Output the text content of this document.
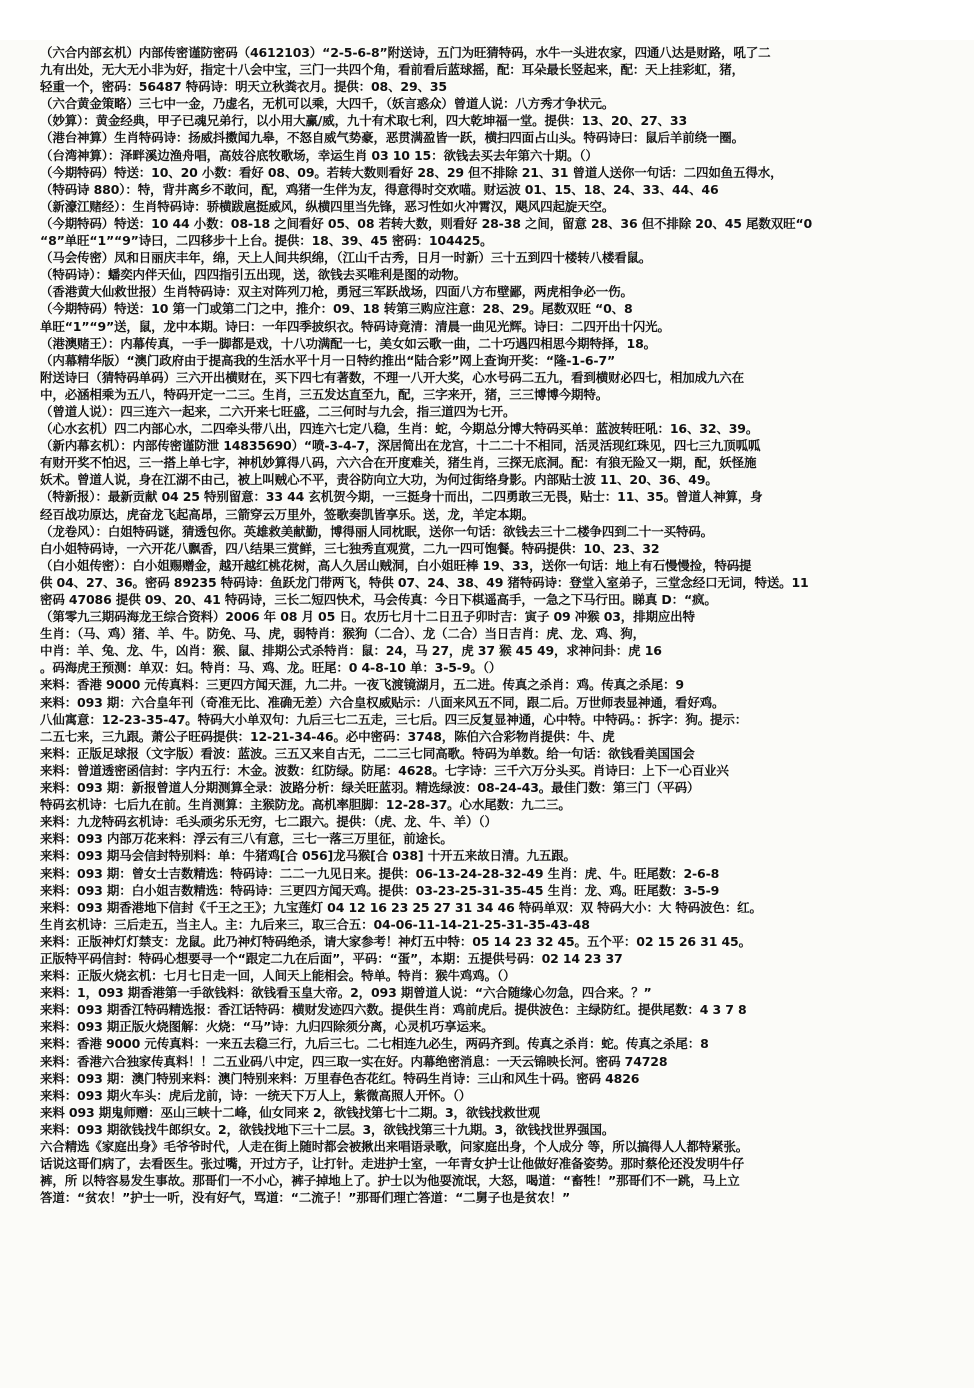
（六合内部玄机）内部传密谨防密码（4612103）“2-5-6-8”附送诗，五门为旺猜特码，水牛一头进农家，四通八达是财路，吼了二
九有出处，无大无小非为好，指定十八会中宝，三门一共四个角，看前看后蓝球摇，配：耳朵最长竖起来，配：天上挂彩虹，猪，
轻重一个，密码：56487 特码诗：明天立秋粪衣月。提供：08、29、35
（六合黄金策略）三七中一金，乃虚名，无机可以乘，大四千，（妖言惑众）曾道人说：八方秀才争状元。
（妙算）：黄金经典，甲子已魂兄弟行，以小用大赢/威，九十有术取七利，四大乾坤福一堂。提供：13、20、27、33
（港台神算）生肖特码诗：扬威抖擞闻九皋，不怒自威气势豪，恶贯满盈皆一跃，横扫四面占山头。特码诗曰：鼠后羊前绕一圈。
（台湾神算）：泽畔溪边渔舟唱，高妓谷底牧歌场，幸运生肖 03 10 15：欲钱去买去年第六十期。（）
（今期特码）特送：10、20 小数：看好 08、09。若转大数则看好 28、29 但不排除 21、31 曾道人送你一句话：二四如鱼五得水，
（特码诗 880）：特，背井离乡不敢问，配，鸡猪一生伴为友，得意得时交欢喵。财运波 01、15、18、24、33、44、46
（新濠江赌经）：生肖特码诗：骄横跋扈挺威风，纵横四里当先锋，恶习性如火冲霄汉，飓风四起旋天空。
（今期特码）特送：10 44 小数：08-18 之间看好 05、08 若转大数，则看好 28-38 之间，留意 28、36 但不排除 20、45 尾数双旺“0
“8”单旺“1”“9”诗曰，二四移步十上台。提供：18、39、45 密码：104425。
（马会传密）凤和日丽庆丰年，绵，天上人间共织绵，（江山千古秀，日月一时新）三十五到四十楼转八楼看鼠。
（特码诗）：蟠奕内伴天仙，四四指引五出现，送，欲钱去买唯利是图的动物。
（香港黄大仙救世报）生肖特码诗：双主对阵列刀枪，勇冠三军跃战场，四面八方布壁鄙，两虎相争必一伤。
（今期特码）特送：10 第一门或第二门之中，推介：09、18 转第三购应注意：28、29。尾数双旺 “0、8
单旺“1”“9”送，鼠，龙中本期。诗曰：一年四季披织衣。特码诗竟清：清晨一曲见光辉。诗曰：二四开出十闪光。
（港澳赌王）：内幕传真，一手一脚都是戏，十八功满配一七，美女如云歌一曲，二十巧遇四相思今期特择，18。
（内幕精华版）“澳门政府由于提高我的生活水平十月一日特约推出“陆合彩”网上查询开奖：“隆-1-6-7”
附送诗曰（猜特码单码）三六开出横财在，买下四七有著数，不理一八开大奖，心水号码二五九，看到横财必四七，相加成九六在
中，必涵相乘为五八，特码开定一二三。生肖，三五发达直至九，配，三字来开，猪，三三博博今期特。
（曾道人说）：四三连六一起来，二六开来七旺盛，二三何时与九会，指三道四为七开。
（心水玄机）四二内部心水，二四牵头带八出，四连六七定八稳，生肖：蛇，今期总分博大特码买单：蓝波转旺吼：16、32、39。
（新内幕玄机）：内部传密谨防泄 14835690）“喷-3-4-7，深居简出在龙宫，十二二十不相同，活灵活现红珠见，四七三九顶呱呱
有财开奖不怕迟，三一搭上单七字，神机妙算得八码，六六合在开度难关，猪生肖，三探无底洞。配：有狼无险又一期，配，妖怪施
妖术。曾道人说，身在江湖不由己，被上叫贼心不平，责谷防向立大功，为何过街络身影。内部贴士波 11、20、36、49。
（特新报）：最新贡献 04 25 特别留意：33 44 玄机贺今期，一三挺身十而出，二四勇敢三无畏，贴士：11、35。曾道人神算，身
经百战功原达，虎奋龙飞起高昂，三箭穿云万里外，签歌奏凯皆享乐。送，龙，羊定本期。
（龙卷风）：白姐特码谜，猜透包你。英雄救美献勤，博得丽人同枕眠，送你一句话：欲钱去三十二楼争四到二十一买特码。
白小姐特码诗，一六开花八飘香，四八结果三赏鲜，三七独秀直观赏，二九一四可饱餐。特码提供：10、23、32
（白小姐传密）：白小姐赐赠金，越开越红桃花树，高人久居山贼洞，白小姐旺棒 19、33，送你一句话：地上有石慢慢捡，特码提
供 04、27、36。密码 89235 特码诗：鱼跃龙门带两飞，特供 07、24、38、49 猪特码诗：登堂入室弟子，三堂念经口无词，特送。11
密码 47086 提供 09、20、41 特码诗，三长二短四快术，马会传真：今日下棋遥高手，一急之下马行田。睇真 D：“疯。
（第零九三期码海龙王综合资料）2006 年 08 月 05 日。农历七月十二日丑子卯时吉：寅子 09 冲猴 03，排期应出特
生肖：（马、鸡）猪、羊、牛。防免、马、虎，弱特肖：猴狗（二合）、龙（二合）当日吉肖：虎、龙、鸡、狗，
中肖：羊、兔、龙、牛，凶肖：猴、鼠、排期公式杀特肖：鼠：24，马 27，虎 37 猴 45 49，求神问卦：虎 16
。码海虎王预测：单双：妇。特肖：马、鸡、龙。旺尾：0 4-8-10 单：3-5-9。（）
来料：香港 9000 元传真料：三更四方闻天涯，九二井。一夜飞渡镜湖月，五二进。传真之杀肖：鸡。传真之杀尾：9
来料：093 期：六合皇年刊（奇准无比、准确无差）六合皇权威贴示：八面来风五不同，跟二后。万世师表显神通，看好鸡。
八仙寓意：12-23-35-47。特码大小单双句：九后三七二五走，三七后。四三反复显神通，心中特。中特码。：拆字：狗。提示：
二五七来，三九跟。萧公子旺码提供：12-21-34-46。必中密码：3748，陈伯六合彩物肖提供：牛、虎
来料：正版足球报（文字版）看波：蓝波。三五又来自古无，二二三七同高歌。特码为单数。给一句话：欲钱看美国国会
来料：曾道透密函信封：字内五行：木金。波数：红防绿。防尾：4628。七字诗：三千六万分头买。肖诗曰：上下一心百业兴
来料：093 期：新报曾道人分期测算全录：波路分析：绿关旺蓝羽。精选绿波：08-24-43。最佳门数：第三门（平码）
特码玄机诗：七后九在前。生肖测算：主猴防龙。高机率胆脚：12-28-37。心水尾数：九二三。
来料：九龙特码玄机诗：毛头顽劣乐无穷，七二跟六。提供：（虎、龙、牛、羊）（）
来料：093 内部万花来料：浮云有三八有意，三七一落三万里征，前途长。
来料：093 期马会信封特别料：单：牛猪鸡[合 056]龙马猴[合 038] 十开五来故日清。九五跟。
来料：093 期：曾女士吉数精选：特码诗：二二一九见日来。提供：06-13-24-28-32-49 生肖：虎、牛。旺尾数：2-6-8
来料：093 期：白小姐吉数精选：特码诗：三更四方闻天鸡。提供：03-23-25-31-35-45 生肖：龙、鸡。旺尾数：3-5-9
来料：093 期香港地下信封《千王之王》；九宝莲灯 04 12 16 23 25 27 31 34 46 特码单双：双 特码大小：大 特码波色：红。
生肖玄机诗：三后走五，当主人。主：九后来三，取三合五：04-06-11-14-21-25-31-35-43-48
来料：正版神灯灯禁支：龙鼠。此乃神灯特码绝杀，请大家参考！神灯五中特：05 14 23 32 45。五个平：02 15 26 31 45。
正版特平码信封：特码心想要寻一个“跟定二九在后面”，平码：“蛋”，本期：五提供号码：02 14 23 37
来料：正版火烧玄机：七月七日走一回，人间天上能相会。特单。特肖：猴牛鸡鸡。（）
来料：1，093 期香港第一手欲钱料：欲钱看玉皇大帝。2，093 期曾道人说：“六合随缘心勿急，四合来。？”
来料：093 期香江特码精选报：香江话特码：横财发迹四六数。提供生肖：鸡前虎后。提供波色：主绿防红。提供尾数：4 3 7 8
来料：093 期正版火烧图解：火烧：“马”诗：九归四除须分离，心灵机巧享运来。
来料：香港 9000 元传真料：一来五去稳三行，九后三七。二七相连九必生，两码齐到。传真之杀肖：蛇。传真之杀尾：8
来料：香港六合独家传真料！！二五业码八中定，四三取一实在好。内幕绝密消息：一天云锦映长河。密码 74728
来料：093 期：澳门特别来料：澳门特别来料：万里春色杏花红。特码生肖诗：三山和风生十码。密码 4826
来料：093 期火车头：虎后龙前，诗：一统天下万人上，紫微高照人开怀。（）
来料 093 期鬼师赠：巫山三峡十二峰，仙女同来 2，欲钱找第七十二期。3，欲钱找救世观
来料：093 期欲钱找牛郎织女。2，欲钱找地下三十二层。3，欲钱找第三十九期。3，欲钱找世界强国。
六合精选《家庭出身》毛爷爷时代，人走在街上随时都会被揪出来唱语录歌，问家庭出身，个人成分 等，所以搞得人人都特紧张。
话说这哥们病了，去看医生。张过嘴，开过方子，让打针。走进护士室，一年青女护士让他做好准备姿势。那时蔡伦还没发明牛仔
裤，所 以特容易发生事故。那哥们一不小心，裤子掉地上了。护士以为他耍流氓，大怒，喝道：“畜牲！”那哥们不一跳，马上立
答道：“贫农！”护士一听，没有好气，骂道：“二流子！”那哥们理亡答道：“二舅子也是贫农！”
